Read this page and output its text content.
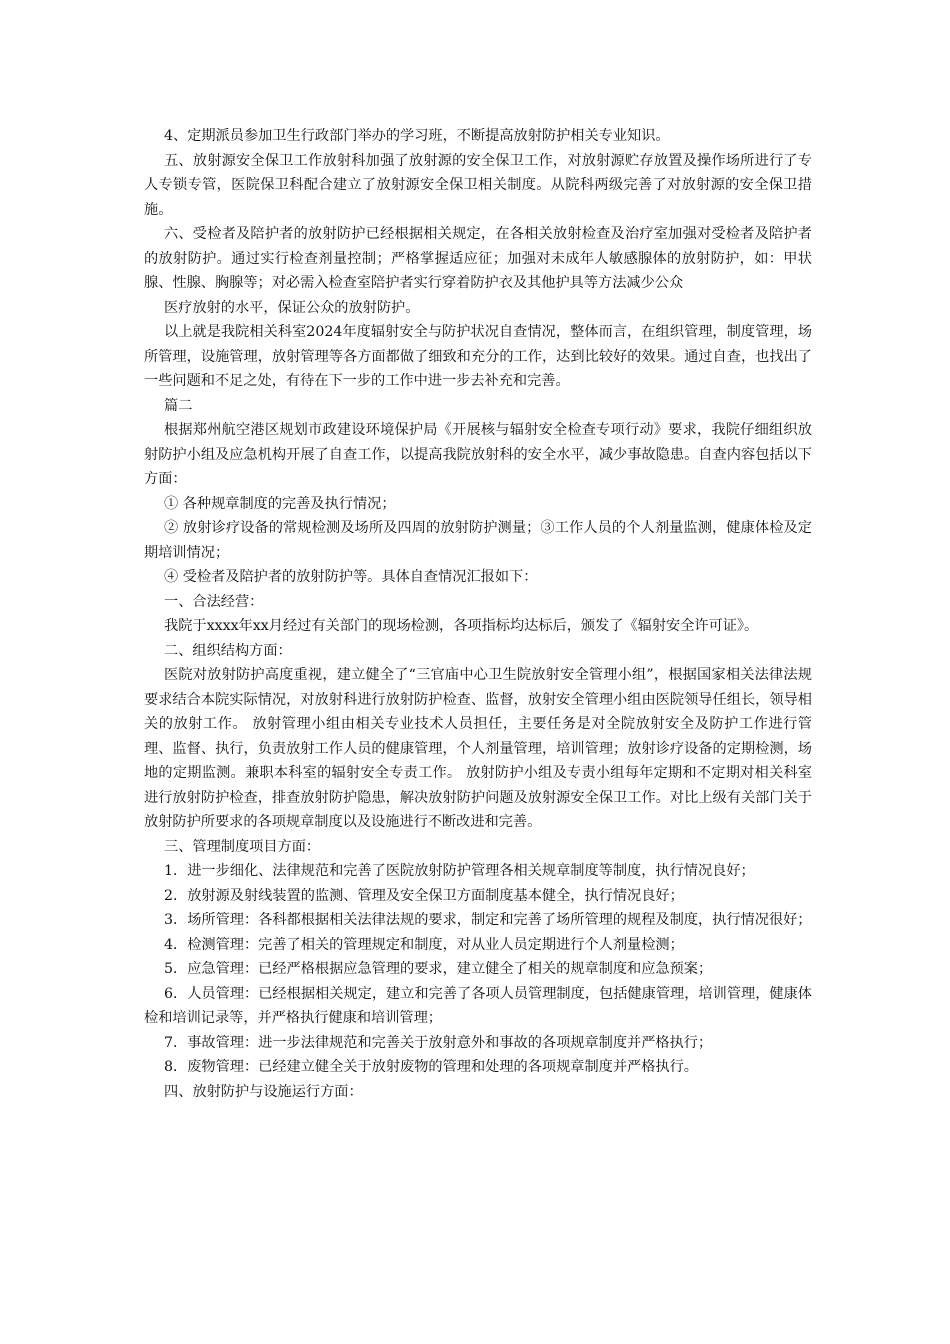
4、定期派员参加卫生行政部门举办的学习班，不断提高放射防护相关专业知识。

五、放射源安全保卫工作放射科加强了放射源的安全保卫工作，对放射源贮存放置及操作场所进行了专人专锁专管，医院保卫科配合建立了放射源安全保卫相关制度。从院科两级完善了对放射源的安全保卫措施。

六、受检者及陪护者的放射防护已经根据相关规定，在各相关放射检查及治疗室加强对受检者及陪护者的放射防护。通过实行检查剂量控制；严格掌握适应征；加强对未成年人敏感腺体的放射防护，如：甲状腺、性腺、胸腺等；对必需入检查室陪护者实行穿着防护衣及其他护具等方法减少公众

医疗放射的水平，保证公众的放射防护。

以上就是我院相关科室2024年度辐射安全与防护状况自查情况，整体而言，在组织管理，制度管理，场所管理，设施管理，放射管理等各方面都做了细致和充分的工作，达到比较好的效果。通过自查，也找出了一些问题和不足之处，有待在下一步的工作中进一步去补充和完善。

篇二

根据郑州航空港区规划市政建设环境保护局《开展核与辐射安全检查专项行动》要求，我院仔细组织放射防护小组及应急机构开展了自查工作，以提高我院放射科的安全水平，减少事故隐患。自查内容包括以下方面：

① 各种规章制度的完善及执行情况；

② 放射诊疗设备的常规检测及场所及四周的放射防护测量；③工作人员的个人剂量监测，健康体检及定期培训情况；

④ 受检者及陪护者的放射防护等。具体自查情况汇报如下：

一、合法经营：

我院于xxxx年xx月经过有关部门的现场检测，各项指标均达标后，颁发了《辐射安全许可证》。

二、组织结构方面：

医院对放射防护高度重视，建立健全了“三官庙中心卫生院放射安全管理小组”，根据国家相关法律法规要求结合本院实际情况，对放射科进行放射防护检查、监督，放射安全管理小组由医院领导任组长，领导相关的放射工作。 放射管理小组由相关专业技术人员担任，主要任务是对全院放射安全及防护工作进行管理、监督、执行，负责放射工作人员的健康管理，个人剂量管理，培训管理；放射诊疗设备的定期检测，场地的定期监测。兼职本科室的辐射安全专责工作。 放射防护小组及专责小组每年定期和不定期对相关科室进行放射防护检查，排查放射防护隐患，解决放射防护问题及放射源安全保卫工作。对比上级有关部门关于放射防护所要求的各项规章制度以及设施进行不断改进和完善。

三、管理制度项目方面：

1．进一步细化、法律规范和完善了医院放射防护管理各相关规章制度等制度，执行情况良好；

2．放射源及射线装置的监测、管理及安全保卫方面制度基本健全，执行情况良好；

3．场所管理：各科都根据相关法律法规的要求，制定和完善了场所管理的规程及制度，执行情况很好；

4．检测管理：完善了相关的管理规定和制度，对从业人员定期进行个人剂量检测；

5．应急管理：已经严格根据应急管理的要求，建立健全了相关的规章制度和应急预案；

6．人员管理：已经根据相关规定，建立和完善了各项人员管理制度，包括健康管理，培训管理，健康体检和培训记录等，并严格执行健康和培训管理；

7．事故管理：进一步法律规范和完善关于放射意外和事故的各项规章制度并严格执行；

8．废物管理：已经建立健全关于放射废物的管理和处理的各项规章制度并严格执行。

四、放射防护与设施运行方面：
